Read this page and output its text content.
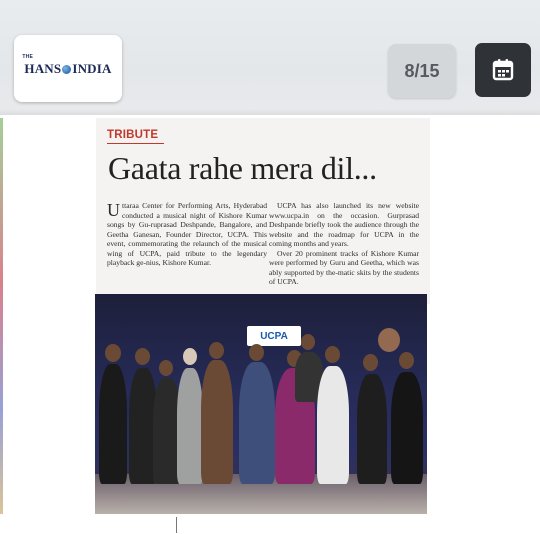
THE
HANS INDIA	8/15
TRIBUTE
Gaata rahe mera dil...
U ttaraa Center for Performing Arts, Hyderabad conducted a musical night of Kishore Kumar songs by Gu-ruprasad Deshpande, Bangalore, and Geetha Ganesan, Founder Director, UCPA. This event, commemorating the relaunch of the musical wing of UCPA, paid tribute to the legendary playback ge-nius, Kishore Kumar.

UCPA has also launched its new website www.ucpa.in on the occasion. Gurprasad Deshpande briefly took the audience through the website and the roadmap for UCPA in the coming months and years.

Over 20 prominent tracks of Kishore Kumar were performed by Guru and Geetha, which was ably supported by the-matic skits by the students of UCPA.

UCPA
